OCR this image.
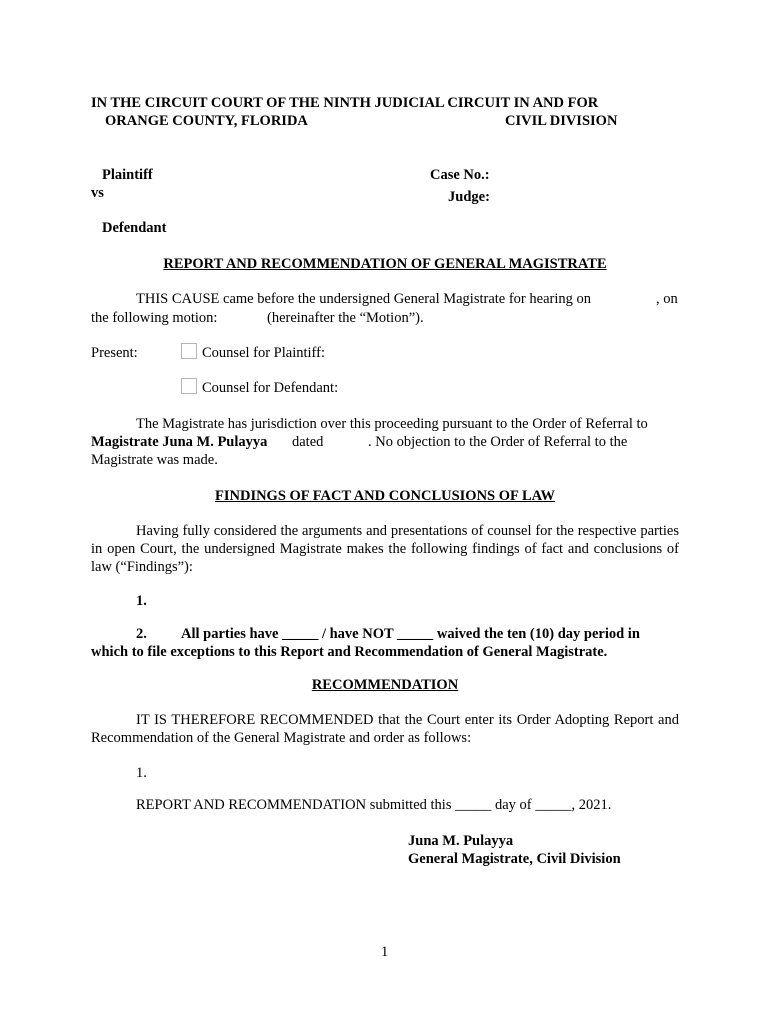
IN THE CIRCUIT COURT OF THE NINTH JUDICIAL CIRCUIT IN AND FOR
ORANGE COUNTY, FLORIDA	CIVIL DIVISION
Plaintiff
vs
Case No.:
Judge:
Defendant
REPORT AND RECOMMENDATION OF GENERAL MAGISTRATE
THIS CAUSE came before the undersigned General Magistrate for hearing on	, on
the following motion:	(hereinafter the “Motion”).
Present:	Counsel for Plaintiff:
Counsel for Defendant:
The Magistrate has jurisdiction over this proceeding pursuant to the Order of Referral to
Magistrate Juna M. Pulayya dated	. No objection to the Order of Referral to the
Magistrate was made.
FINDINGS OF FACT AND CONCLUSIONS OF LAW
Having fully considered the arguments and presentations of counsel for the respective parties in open Court, the undersigned Magistrate makes the following findings of fact and conclusions of law (“Findings”):
1.
2. All parties have _____ / have NOT _____ waived the ten (10) day period in
which to file exceptions to this Report and Recommendation of General Magistrate.
RECOMMENDATION
IT IS THEREFORE RECOMMENDED that the Court enter its Order Adopting Report and Recommendation of the General Magistrate and order as follows:
1.
REPORT AND RECOMMENDATION submitted this _____ day of _____, 2021.
Juna M. Pulayya
General Magistrate, Civil Division
1
